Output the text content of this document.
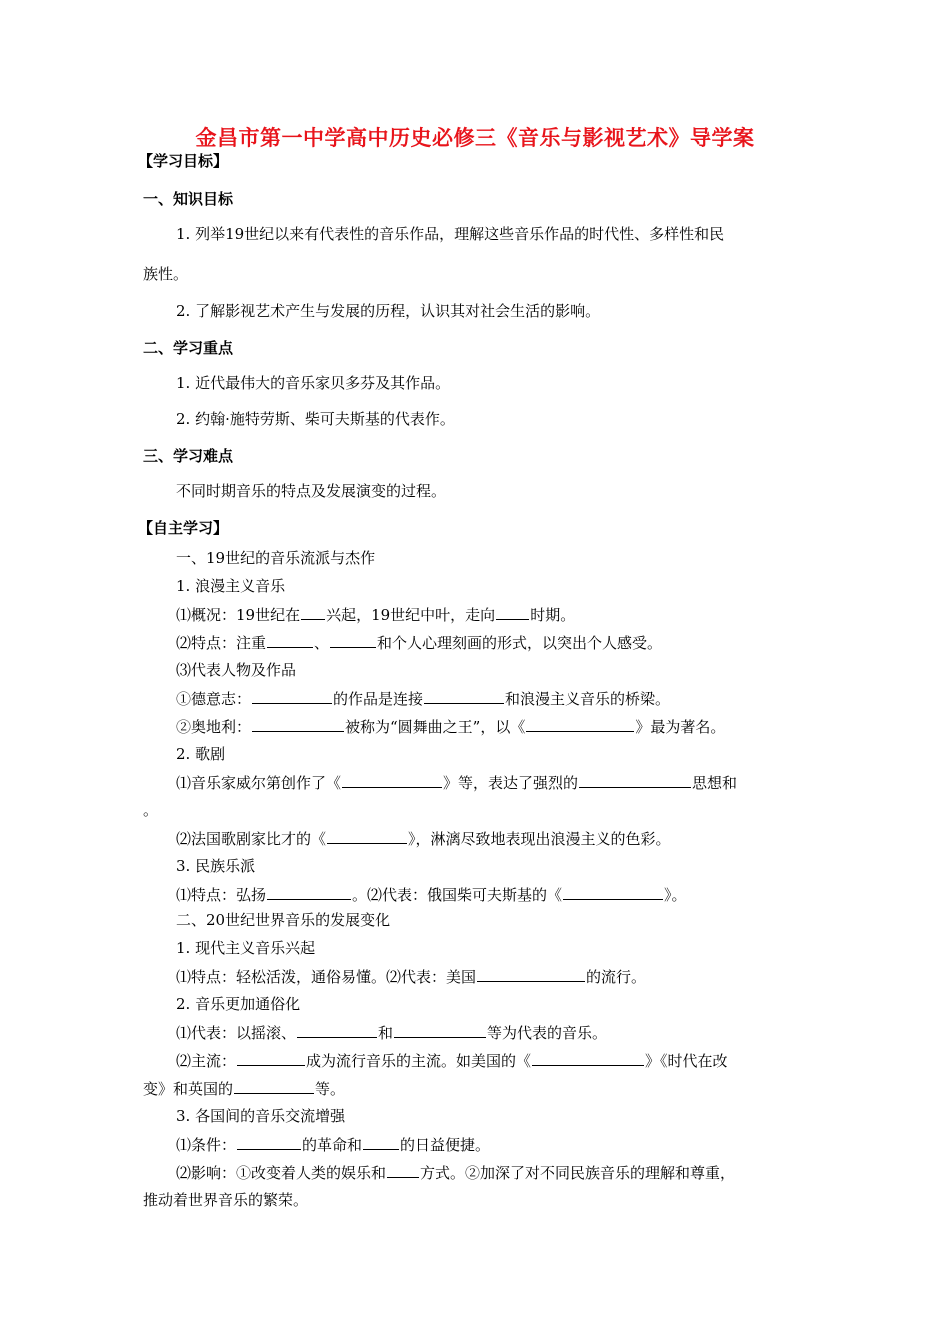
金昌市第一中学高中历史必修三《音乐与影视艺术》导学案
【学习目标】
一、知识目标
1. 列举19世纪以来有代表性的音乐作品，理解这些音乐作品的时代性、多样性和民
族性。
2. 了解影视艺术产生与发展的历程，认识其对社会生活的影响。
二、学习重点
1. 近代最伟大的音乐家贝多芬及其作品。
2. 约翰·施特劳斯、柴可夫斯基的代表作。
三、学习难点
不同时期音乐的特点及发展演变的过程。
【自主学习】
一、19世纪的音乐流派与杰作
1. 浪漫主义音乐
⑴概况：19世纪在 兴起，19世纪中叶，走向 时期。
⑵特点：注重	、	和个人心理刻画的形式，以突出个人感受。
⑶代表人物及作品
①德意志：	的作品是连接	和浪漫主义音乐的桥梁。
②奥地利：	被称为“圆舞曲之王”，以《	》最为著名。
2. 歌剧
⑴音乐家威尔第创作了《	》等，表达了强烈的	思想和
。
⑵法国歌剧家比才的《	》，淋漓尽致地表现出浪漫主义的色彩。
3. 民族乐派
⑴特点：弘扬	。⑵代表：俄国柴可夫斯基的《	》。
二、20世纪世界音乐的发展变化
1. 现代主义音乐兴起
⑴特点：轻松活泼，通俗易懂。⑵代表：美国	的流行。
2. 音乐更加通俗化
⑴代表：以摇滚、	和	等为代表的音乐。
⑵主流：	成为流行音乐的主流。如美国的《	》《时代在改
变》和英国的	等。
3. 各国间的音乐交流增强
⑴条件：	的革命和	的日益便捷。
⑵影响：①改变着人类的娱乐和 方式。②加深了对不同民族音乐的理解和尊重，
推动着世界音乐的繁荣。
